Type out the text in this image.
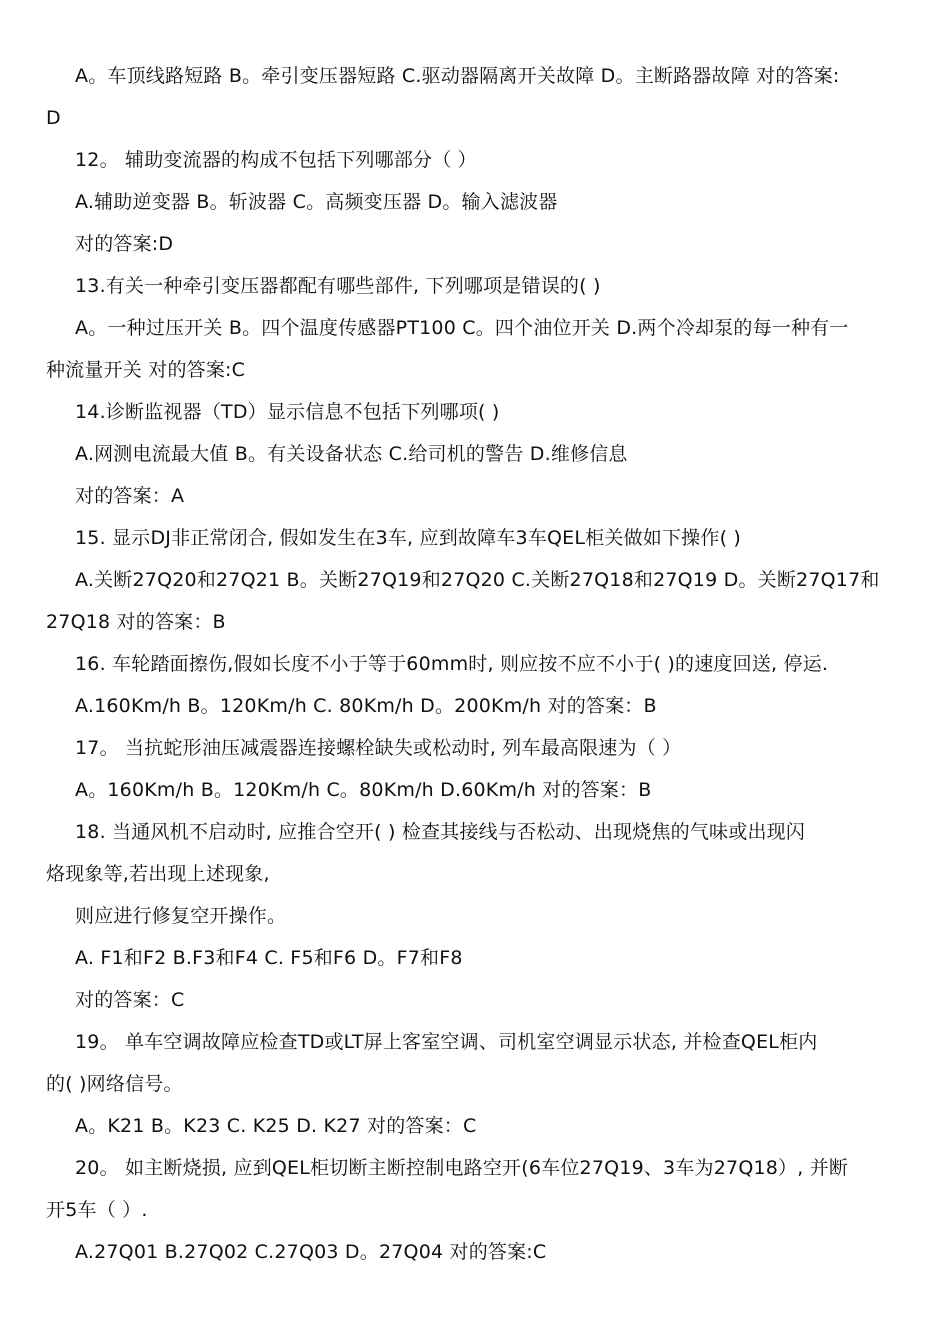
A。车顶线路短路 B。牵引变压器短路 C.驱动器隔离开关故障 D。主断路器故障 对的答案:
D
12。 辅助变流器的构成不包括下列哪部分（ ）
A.辅助逆变器 B。斩波器 C。高频变压器 D。输入滤波器
对的答案:D
13.有关一种牵引变压器都配有哪些部件, 下列哪项是错误的( )
A。一种过压开关 B。四个温度传感器PT100 C。四个油位开关 D.两个冷却泵的每一种有一
种流量开关 对的答案:C
14.诊断监视器（TD）显示信息不包括下列哪项( )
A.网测电流最大值 B。有关设备状态 C.给司机的警告 D.维修信息
对的答案：A
15. 显示DJ非正常闭合, 假如发生在3车, 应到故障车3车QEL柜关做如下操作( )
A.关断27Q20和27Q21 B。关断27Q19和27Q20 C.关断27Q18和27Q19 D。关断27Q17和
27Q18 对的答案：B
16. 车轮踏面擦伤,假如长度不小于等于60mm时, 则应按不应不小于( )的速度回送, 停运.
A.160Km/h B。120Km/h C. 80Km/h D。200Km/h 对的答案：B
17。 当抗蛇形油压减震器连接螺栓缺失或松动时, 列车最高限速为（ ）
A。160Km/h B。120Km/h C。80Km/h D.60Km/h 对的答案：B
18. 当通风机不启动时, 应推合空开( ) 检查其接线与否松动、出现烧焦的气味或出现闪
烙现象等,若出现上述现象,
则应进行修复空开操作。
A. F1和F2 B.F3和F4 C. F5和F6 D。F7和F8
对的答案：C
19。 单车空调故障应检查TD或LT屏上客室空调、司机室空调显示状态, 并检查QEL柜内
的( )网络信号。
A。K21 B。K23 C. K25 D. K27 对的答案：C
20。 如主断烧损, 应到QEL柜切断主断控制电路空开(6车位27Q19、3车为27Q18）, 并断
开5车（ ）.
A.27Q01 B.27Q02 C.27Q03 D。27Q04 对的答案:C
